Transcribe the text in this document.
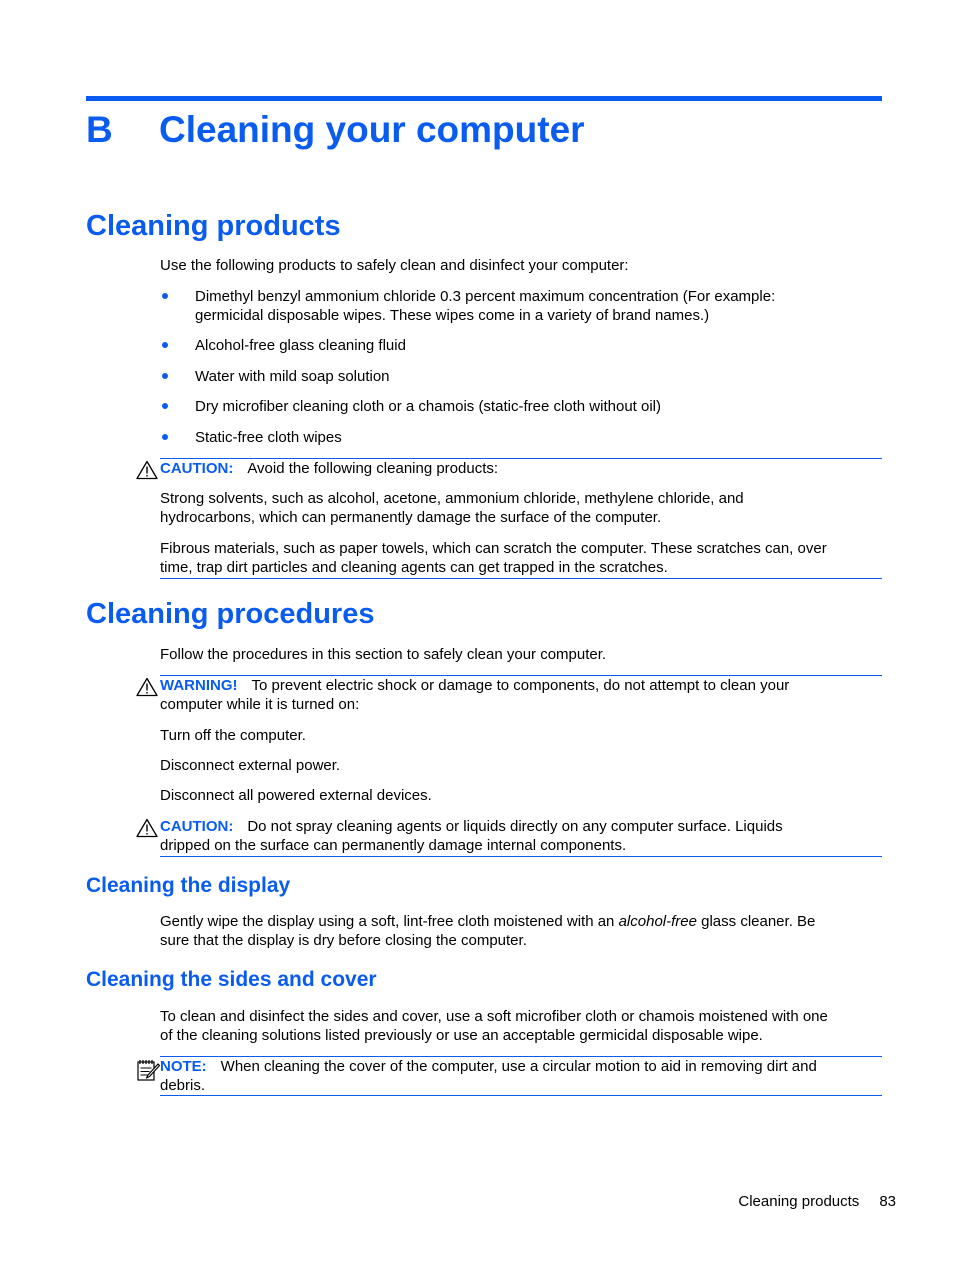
B Cleaning your computer
Cleaning products

Use the following products to safely clean and disinfect your computer:

Dimethyl benzyl ammonium chloride 0.3 percent maximum concentration (For example:
germicidal disposable wipes. These wipes come in a variety of brand names.)
Alcohol-free glass cleaning fluid
Water with mild soap solution
Dry microfiber cleaning cloth or a chamois (static-free cloth without oil)
Static-free cloth wipes

CAUTION: Avoid the following cleaning products:

Strong solvents, such as alcohol, acetone, ammonium chloride, methylene chloride, and
hydrocarbons, which can permanently damage the surface of the computer.

Fibrous materials, such as paper towels, which can scratch the computer. These scratches can, over
time, trap dirt particles and cleaning agents can get trapped in the scratches.

Cleaning procedures

Follow the procedures in this section to safely clean your computer.

WARNING! To prevent electric shock or damage to components, do not attempt to clean your
computer while it is turned on:

Turn off the computer.

Disconnect external power.

Disconnect all powered external devices.

CAUTION: Do not spray cleaning agents or liquids directly on any computer surface. Liquids
dripped on the surface can permanently damage internal components.

Cleaning the display

Gently wipe the display using a soft, lint-free cloth moistened with an alcohol-free glass cleaner. Be
sure that the display is dry before closing the computer.

Cleaning the sides and cover

To clean and disinfect the sides and cover, use a soft microfiber cloth or chamois moistened with one
of the cleaning solutions listed previously or use an acceptable germicidal disposable wipe.

NOTE: When cleaning the cover of the computer, use a circular motion to aid in removing dirt and
debris.

Cleaning products 83
